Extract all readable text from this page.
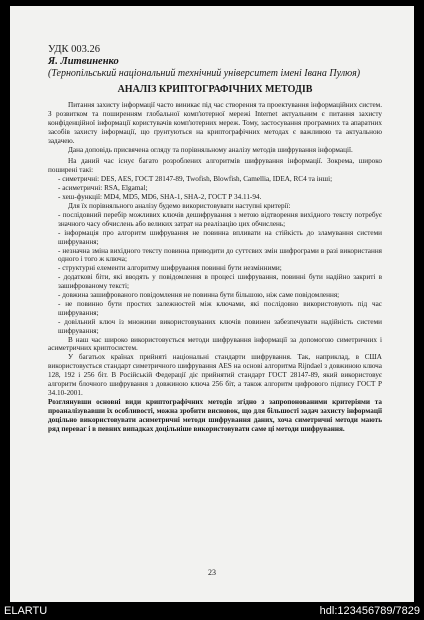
УДК 003.26
Я. Литвиненко
(Тернопільський національний технічний університет імені Івана Пулюя)
АНАЛІЗ КРИПТОГРАФІЧНИХ МЕТОДІВ

Питання захисту інформації часто виникає під час створення та проектування інформаційних систем. З розвитком та поширенням глобальної комп'ютерної мережі Internet актуальним є питання захисту конфіденційної інформації користувачів комп'ютерних мереж. Тому, застосування програмних та апаратних засобів захисту інформації, що ґрунтуються на криптографічних методах є важливою та актуальною задачею.

Дана доповідь присвячена огляду та порівняльному аналізу методів шифрування інформації.

На даний час існує багато розроблених алгоритмів шифрування інформації. Зокрема, широко поширені такі:

- симетричні: DES, AES, ГОСТ 28147-89, Twofish, Blowfish, Camellia, IDEA, RC4 та інші;

- асиметричні: RSA, Elgamal;

- хеш-функції: MD4, MD5, MD6, SHA-1, SHA-2, ГОСТ Р 34.11-94.

Для їх порівняльного аналізу будемо використовувати наступні критерії:

- послідовний перебір можливих ключів дешифрування з метою відтворення вихідного тексту потребує значного часу обчислень або великих затрат на реалізацію цих обчислень;

- інформація про алгоритм шифрування не повинна впливати на стійкість до зламування системи шифрування;

- незначна зміна вихідного тексту повинна приводити до суттєвих змін шифрограми в разі використання одного і того ж ключа;

- структурні елементи алгоритму шифрування повинні бути незмінними;

- додаткові біти, які вводять у повідомлення в процесі шифрування, повинні бути надійно закриті в зашифрованому тексті;

- довжина зашифрованого повідомлення не повинна бути більшою, ніж саме повідомлення;

- не повинно бути простих залежностей між ключами, які послідовно використовують під час шифрування;

- довільний ключ із множини використовуваних ключів повинен забезпечувати надійність системи шифрування;

В наш час широко використовується методи шифрування інформації за допомогою симетричних і асиметричних криптосистем.

У багатьох країнах прийняті національні стандарти шифрування. Так, наприклад, в США використовується стандарт симетричного шифрування AES на основі алгоритма Rijndael з довжиною ключа 128, 192 і 256 біт. В Російській Федерації діє прийнятий стандарт ГОСТ 28147-89, який використовує алгоритм блочного шифрування з довжиною ключа 256 біт, а також алгоритм цифрового підпису ГОСТ Р 34.10-2001.

Розглянувши основні види криптографічних методів згідно з запропонованими критеріями та проаналізувавши їх особливості, можна зробити висновок, що для більшості задач захисту інформації доцільно використовувати асиметричні методи шифрування даних, хоча симетричні методи мають ряд переваг і в певних випадках доцільніше використовувати саме ці методи шифрування.

23
ELARTU	hdl:123456789/7829
